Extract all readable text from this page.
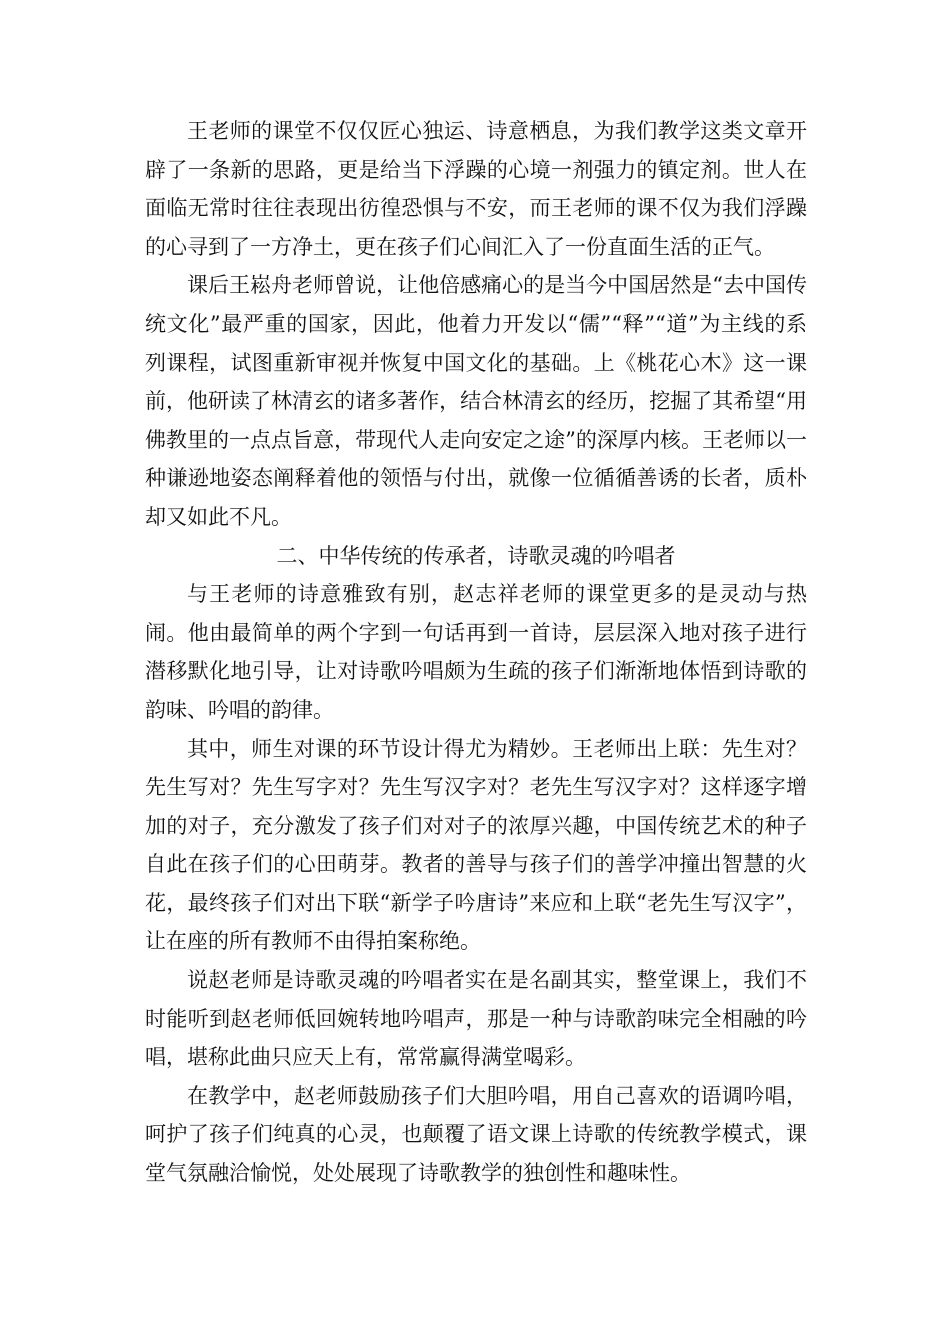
王老师的课堂不仅仅匠心独运、诗意栖息，为我们教学这类文章开辟了一条新的思路，更是给当下浮躁的心境一剂强力的镇定剂。世人在面临无常时往往表现出彷徨恐惧与不安，而王老师的课不仅为我们浮躁的心寻到了一方净土，更在孩子们心间汇入了一份直面生活的正气。

课后王崧舟老师曾说，让他倍感痛心的是当今中国居然是“去中国传统文化”最严重的国家，因此，他着力开发以“儒”“释”“道”为主线的系列课程，试图重新审视并恢复中国文化的基础。上《桃花心木》这一课前，他研读了林清玄的诸多著作，结合林清玄的经历，挖掘了其希望“用佛教里的一点点旨意，带现代人走向安定之途”的深厚内核。王老师以一种谦逊地姿态阐释着他的领悟与付出，就像一位循循善诱的长者，质朴却又如此不凡。

二、中华传统的传承者，诗歌灵魂的吟唱者

与王老师的诗意雅致有别，赵志祥老师的课堂更多的是灵动与热闹。他由最简单的两个字到一句话再到一首诗，层层深入地对孩子进行潜移默化地引导，让对诗歌吟唱颇为生疏的孩子们渐渐地体悟到诗歌的韵味、吟唱的韵律。

其中，师生对课的环节设计得尤为精妙。王老师出上联：先生对？先生写对？先生写字对？先生写汉字对？老先生写汉字对？这样逐字增加的对子，充分激发了孩子们对对子的浓厚兴趣，中国传统艺术的种子自此在孩子们的心田萌芽。教者的善导与孩子们的善学冲撞出智慧的火花，最终孩子们对出下联“新学子吟唐诗”来应和上联“老先生写汉字”，让在座的所有教师不由得拍案称绝。

说赵老师是诗歌灵魂的吟唱者实在是名副其实，整堂课上，我们不时能听到赵老师低回婉转地吟唱声，那是一种与诗歌韵味完全相融的吟唱，堪称此曲只应天上有，常常赢得满堂喝彩。

在教学中，赵老师鼓励孩子们大胆吟唱，用自己喜欢的语调吟唱，呵护了孩子们纯真的心灵，也颠覆了语文课上诗歌的传统教学模式，课堂气氛融洽愉悦，处处展现了诗歌教学的独创性和趣味性。
